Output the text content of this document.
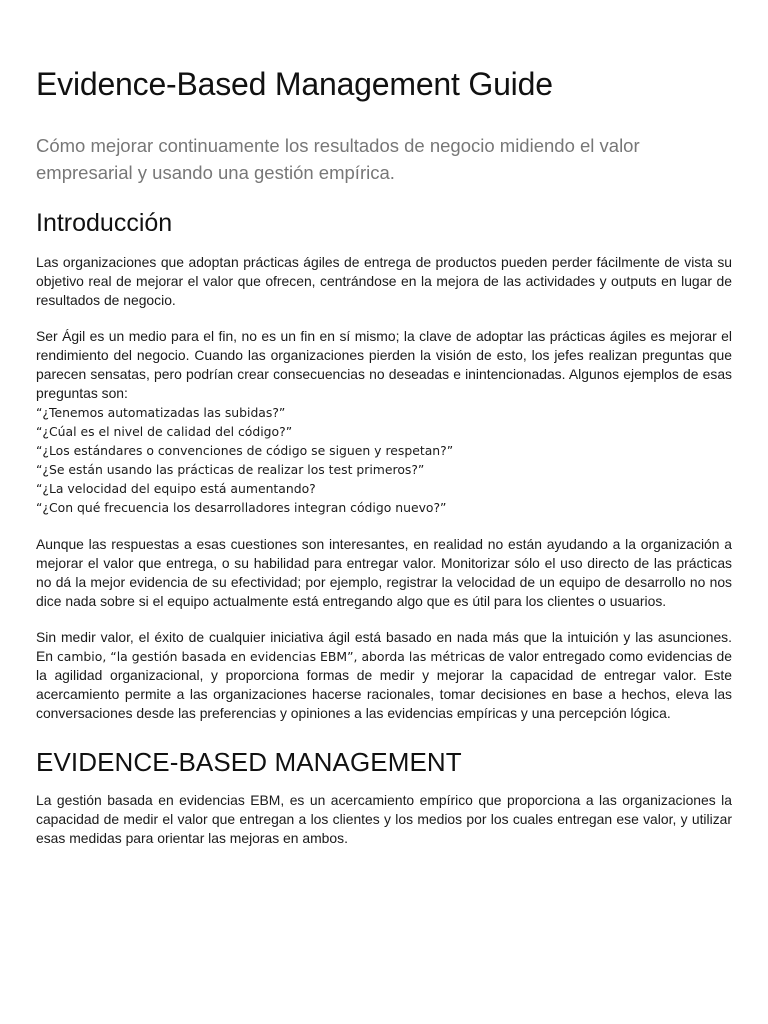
Evidence-Based Management Guide

Cómo mejorar continuamente los resultados de negocio midiendo el valor empresarial y usando una gestión empírica.

Introducción

Las organizaciones que adoptan prácticas ágiles de entrega de productos pueden perder fácilmente de vista su objetivo real de mejorar el valor que ofrecen, centrándose en la mejora de las actividades y outputs en lugar de resultados de negocio.

Ser Ágil es un medio para el fin, no es un fin en sí mismo; la clave de adoptar las prácticas ágiles es mejorar el rendimiento del negocio. Cuando las organizaciones pierden la visión de esto, los jefes realizan preguntas que parecen sensatas, pero podrían crear consecuencias no deseadas e inintencionadas. Algunos ejemplos de esas preguntas son:

“¿Tenemos automatizadas las subidas?”
“¿Cúal es el nivel de calidad del código?”
“¿Los estándares o convenciones de código se siguen y respetan?”
“¿Se están usando las prácticas de realizar los test primeros?”
“¿La velocidad del equipo está aumentando?
“¿Con qué frecuencia los desarrolladores integran código nuevo?”

Aunque las respuestas a esas cuestiones son interesantes, en realidad no están ayudando a la organización a mejorar el valor que entrega, o su habilidad para entregar valor. Monitorizar sólo el uso directo de las prácticas no dá la mejor evidencia de su efectividad; por ejemplo, registrar la velocidad de un equipo de desarrollo no nos dice nada sobre si el equipo actualmente está entregando algo que es útil para los clientes o usuarios.

Sin medir valor, el éxito de cualquier iniciativa ágil está basado en nada más que la intuición y las asunciones. En cambio, “la gestión basada en evidencias EBM”, aborda las métricas de valor entregado como evidencias de la agilidad organizacional, y proporciona formas de medir y mejorar la capacidad de entregar valor. Este acercamiento permite a las organizaciones hacerse racionales, tomar decisiones en base a hechos, eleva las conversaciones desde las preferencias y opiniones a las evidencias empíricas y una percepción lógica.

EVIDENCE-BASED MANAGEMENT

La gestión basada en evidencias EBM, es un acercamiento empírico que proporciona a las organizaciones la capacidad de medir el valor que entregan a los clientes y los medios por los cuales entregan ese valor, y utilizar esas medidas para orientar las mejoras en ambos.
